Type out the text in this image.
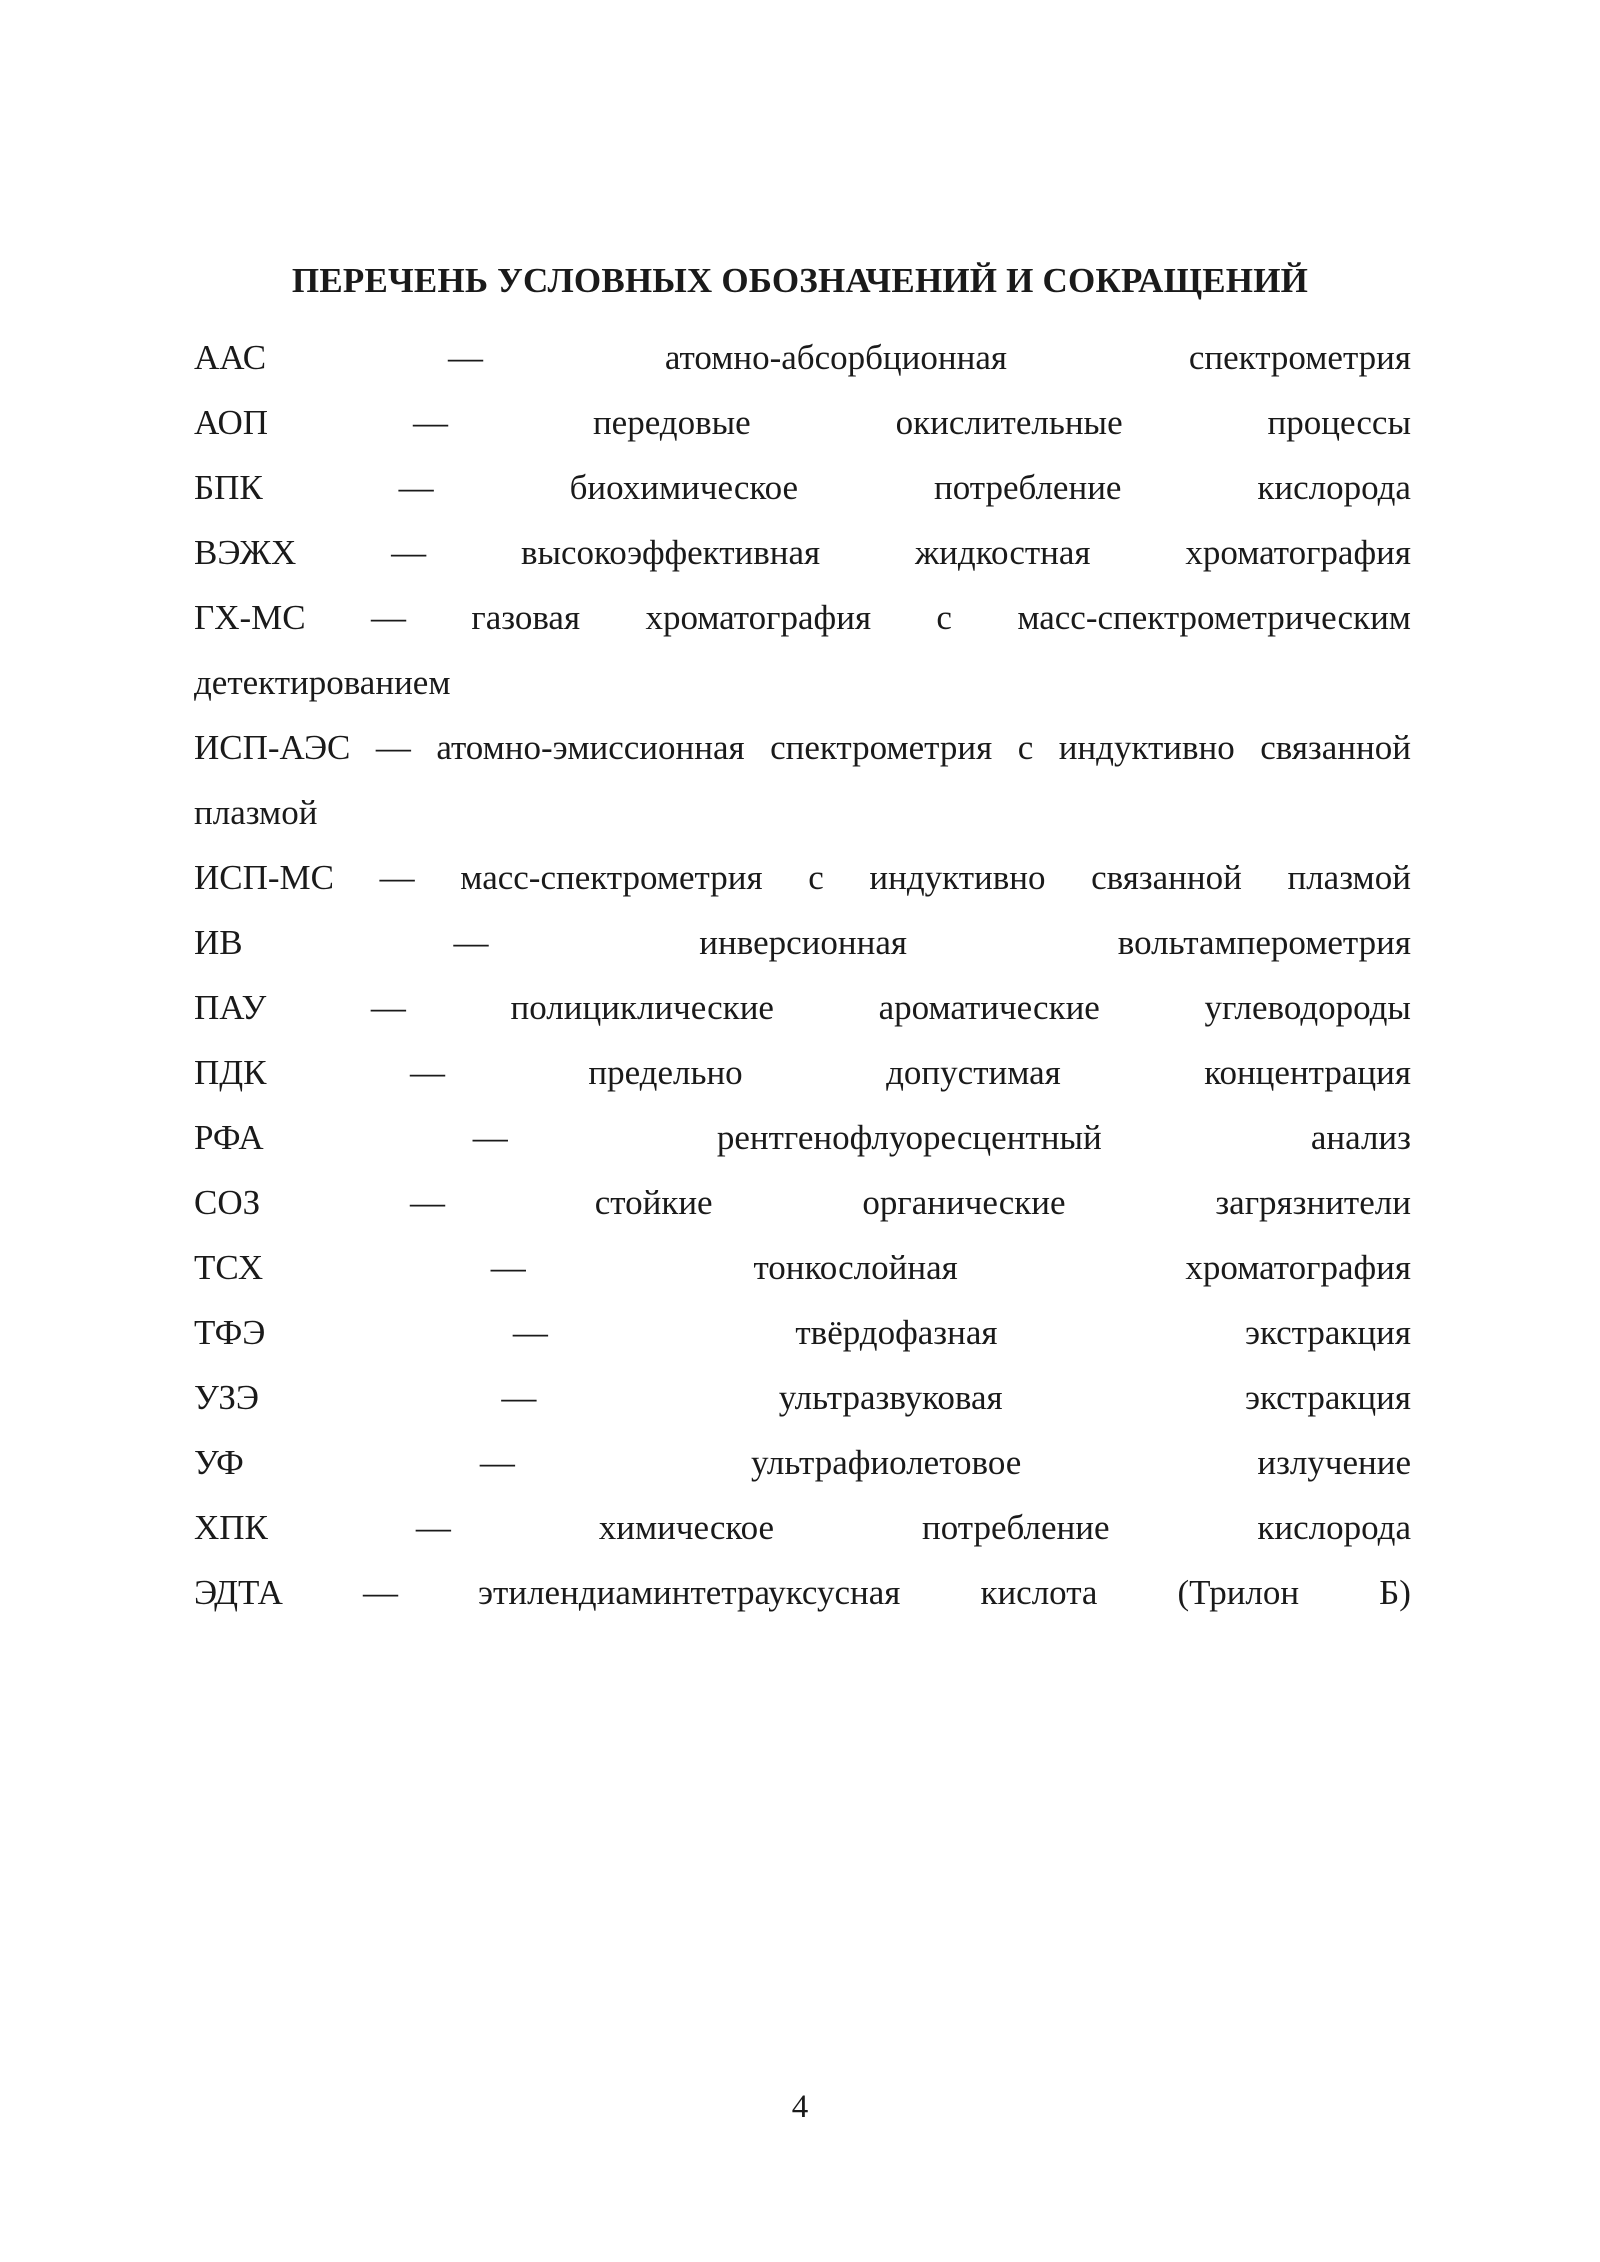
ПЕРЕЧЕНЬ УСЛОВНЫХ ОБОЗНАЧЕНИЙ И СОКРАЩЕНИЙ
ААС	—	атомно-абсорбционная	спектрометрия
АОП	—	передовые	окислительные	процессы
БПК	—	биохимическое	потребление	кислорода
ВЭЖХ	—	высокоэффективная	жидкостная	хроматография
ГХ-МС — газовая хроматография с масс-спектрометрическим
детектированием
ИСП-АЭС — атомно-эмиссионная спектрометрия с индуктивно связанной
плазмой
ИСП-МС — масс-спектрометрия с индуктивно связанной плазмой
ИВ	—	инверсионная	вольтамперометрия
ПАУ	—	полициклические	ароматические	углеводороды
ПДК	—	предельно	допустимая	концентрация
РФА	—	рентгенофлуоресцентный	анализ
СОЗ	—	стойкие	органические	загрязнители
ТСХ	—	тонкослойная	хроматография
ТФЭ	—	твёрдофазная	экстракция
УЗЭ	—	ультразвуковая	экстракция
УФ	—	ультрафиолетовое	излучение
ХПК	—	химическое	потребление	кислорода
ЭДТА — этилендиаминтетрауксусная кислота (Трилон Б)
4
